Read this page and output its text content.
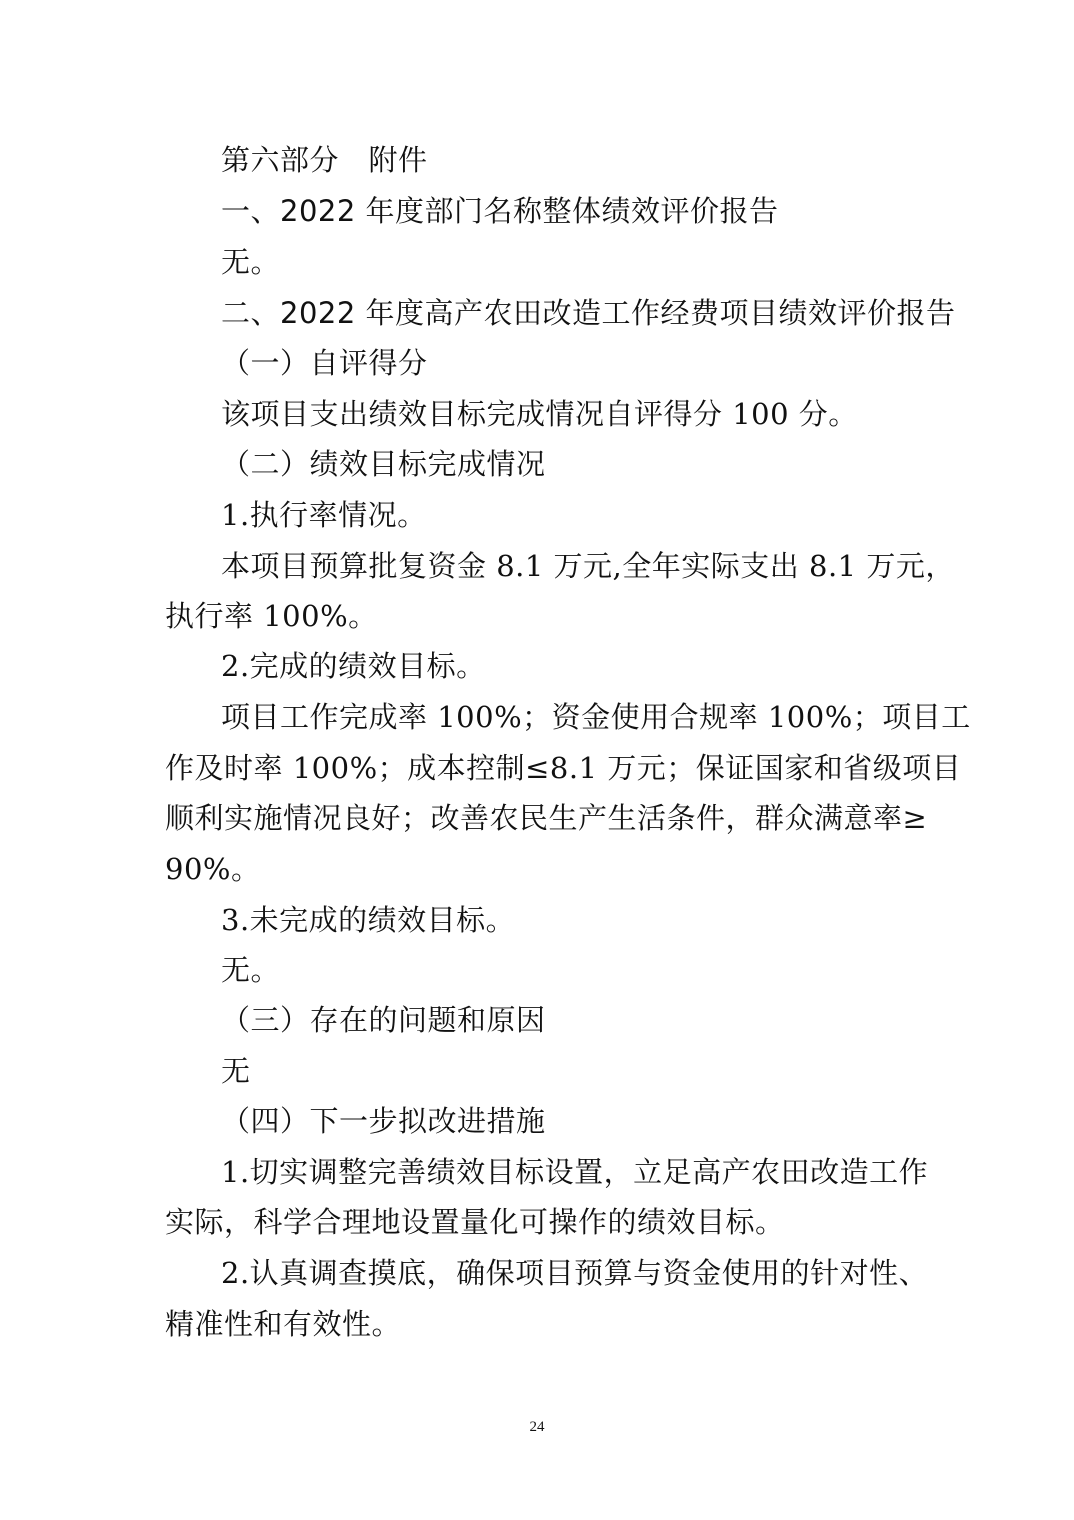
第六部分　附件
一、2022 年度部门名称整体绩效评价报告
无。
二、2022 年度高产农田改造工作经费项目绩效评价报告
（一）自评得分
该项目支出绩效目标完成情况自评得分 100 分。
（二）绩效目标完成情况
1.执行率情况。
本项目预算批复资金 8.1 万元,全年实际支出 8.1 万元，
执行率 100%。
2.完成的绩效目标。
项目工作完成率 100%；资金使用合规率 100%；项目工
作及时率 100%；成本控制≤8.1 万元；保证国家和省级项目
顺利实施情况良好；改善农民生产生活条件，群众满意率≥
90%。
3.未完成的绩效目标。
无。
（三）存在的问题和原因
无
（四）下一步拟改进措施
1.切实调整完善绩效目标设置，立足高产农田改造工作
实际，科学合理地设置量化可操作的绩效目标。
2.认真调查摸底，确保项目预算与资金使用的针对性、
精准性和有效性。
24
